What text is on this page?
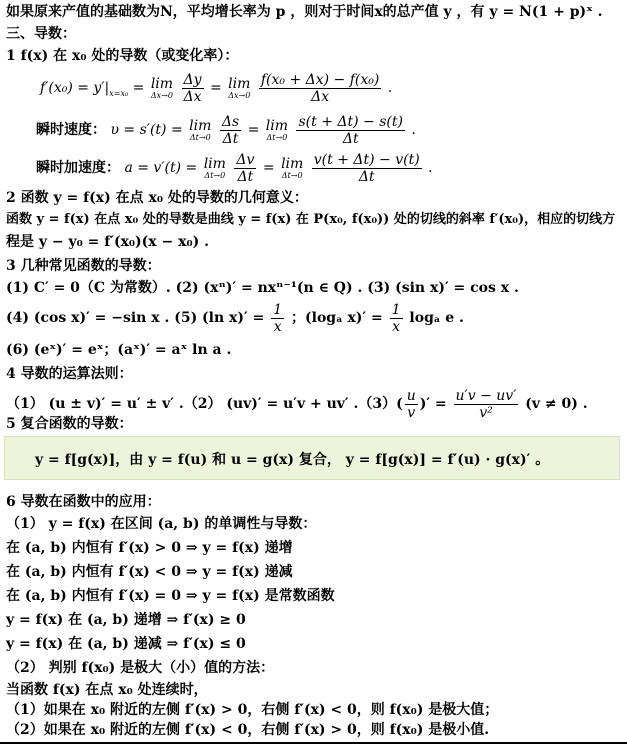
如果原来产值的基础数为N，平均增长率为 p ，则对于时间x的总产值 y ，有 y = N(1 + p)ˣ .
三、导数：
1 f(x) 在 x₀ 处的导数（或变化率）：
$f'(x_0) = y'|_{x=x_0} = \lim$
Δx→0
$\frac{\Delta y}{\Delta x} = \lim$
Δx→0
$\frac{\text{f(x₀ + Δx) − f(x₀)}}{\Delta x}$ .
瞬时速度： υ = s′(t) = lim
Δt→0
$\frac{\Delta s}{\Delta t} = \lim$
Δt→0
$\frac{s(t + \Delta t) - s(t)}{\Delta t}$ .
瞬时加速度： a = v′(t) = lim
Δt→0
$\frac{\Delta v}{\Delta t} = \lim$
Δt→0
$\frac{v(t + \Delta t) - v(t)}{\Delta t}$ .
2 函数 y = f(x) 在点 x₀ 处的导数的几何意义：
函数 y = f(x) 在点 x₀ 处的导数是曲线 y = f(x) 在 P(x₀, f(x₀)) 处的切线的斜率 f′(x₀)，相应的切线方
程是 y − y₀ = f′(x₀)(x − x₀) .
3 几种常见函数的导数：
(1) C′ = 0（C 为常数）. (2) (xⁿ)′ = nxⁿ⁻¹(n ∈ Q) . (3) (sin x)′ = cos x .
(4) (cos x)′ = −sin x . (5) (ln $x)' = \frac{1}{x}$ ；(logₐ $x)' = \frac{1}{x}$ logₐ e .
(6) (eˣ)′ = eˣ；(aˣ)′ = aˣ ln a .
4 导数的运算法则：
（1） (u ± v)′ = u′ ± v′ .（2） (uv)′ = u′v + uv′ $.(3)( \frac{u}{v}$ )′ = $\frac{u'v - uv'}{\text{v²}} (v \ne 0)$ .
5 复合函数的导数：
y = f[g(x)]，由 y = f(u) 和 u = g(x) 复合， y = f[g(x)] = f′(u) · g(x)′ 。
6 导数在函数中的应用：
（1） y = f(x) 在区间 (a, b) 的单调性与导数：
在 (a, b) 内恒有 f′(x) > 0 ⇒ y = f(x) 递增
在 (a, b) 内恒有 f′(x) < 0 ⇒ y = f(x) 递减
在 (a, b) 内恒有 f′(x) = 0 ⇒ y = f(x) 是常数函数
y = f(x) 在 (a, b) 递增 ⇒ f′(x) ≥ 0
y = f(x) 在 (a, b) 递减 ⇒ f′(x) ≤ 0
（2） 判别 f(x₀) 是极大（小）值的方法：
当函数 f(x) 在点 x₀ 处连续时，
（1）如果在 x₀ 附近的左侧 f′(x) > 0，右侧 f′(x) < 0，则 f(x₀) 是极大值；
（2）如果在 x₀ 附近的左侧 f′(x) < 0，右侧 f′(x) > 0，则 f(x₀) 是极小值.
